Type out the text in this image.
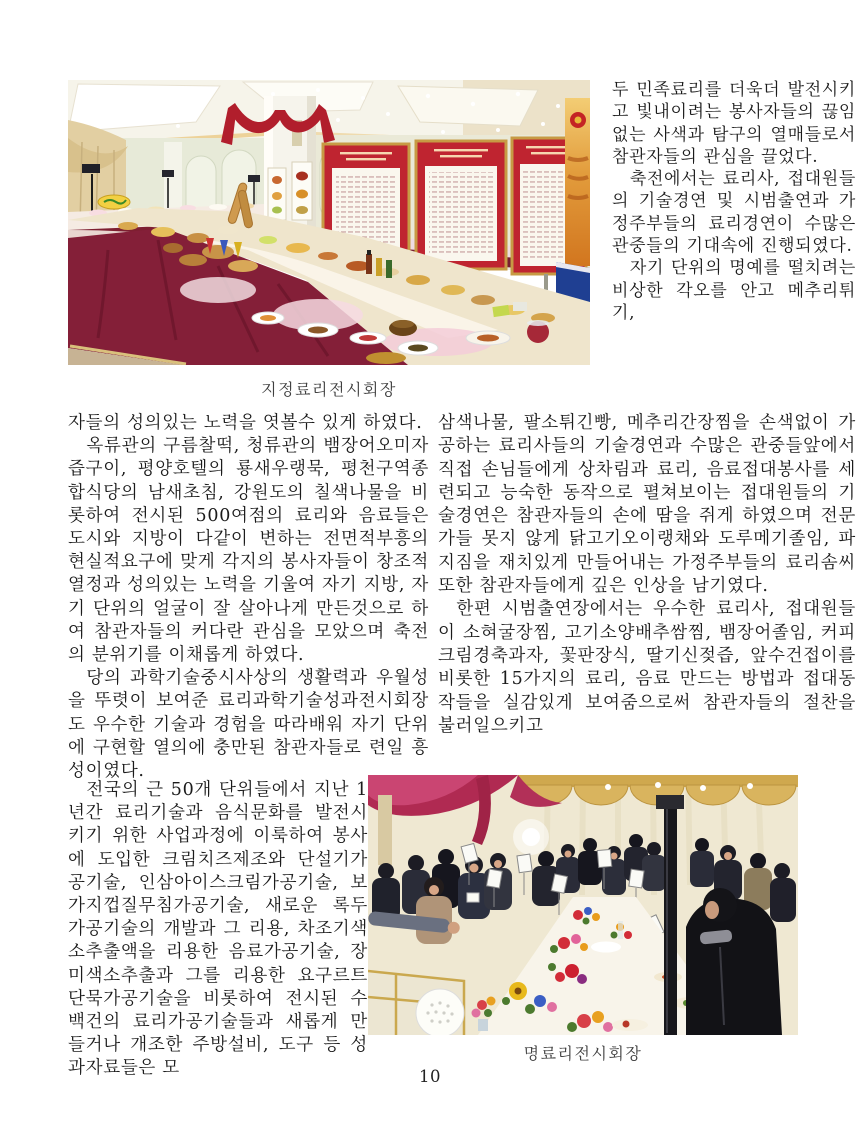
지정료리전시회장

두 민족료리를 더욱더 발전시키고 빛내이려는 봉사자들의 끊임없는 사색과 탐구의 열매들로서 참관자들의 관심을 끌었다.

축전에서는 료리사, 접대원들의 기술경연 및 시범출연과 가정주부들의 료리경연이 수많은 관중들의 기대속에 진행되였다.

자기 단위의 명예를 떨치려는 비상한 각오를 안고 메추리튀기,

자들의 성의있는 노력을 엿볼수 있게 하였다.

옥류관의 구름찰떡, 청류관의 뱀장어오미자즙구이, 평양호텔의 룡새우랭묵, 평천구역종합식당의 남새초침, 강원도의 칠색나물을 비롯하여 전시된 500여점의 료리와 음료들은 도시와 지방이 다같이 변하는 전면적부흥의 현실적요구에 맞게 각지의 봉사자들이 창조적열정과 성의있는 노력을 기울여 자기 지방, 자기 단위의 얼굴이 잘 살아나게 만든것으로 하여 참관자들의 커다란 관심을 모았으며 축전의 분위기를 이채롭게 하였다.

당의 과학기술중시사상의 생활력과 우월성을 뚜렷이 보여준 료리과학기술성과전시회장도 우수한 기술과 경험을 따라배워 자기 단위에 구현할 열의에 충만된 참관자들로 련일 흥성이였다.

전국의 근 50개 단위들에서 지난 1년간 료리기술과 음식문화를 발전시키기 위한 사업과정에 이룩하여 봉사에 도입한 크림치즈제조와 단설기가공기술, 인삼아이스크림가공기술, 보가지껍질무침가공기술, 새로운 록두가공기술의 개발과 그 리용, 차조기색소추출액을 리용한 음료가공기술, 장미색소추출과 그를 리용한 요구르트단묵가공기술을 비롯하여 전시된 수백건의 료리가공기술들과 새롭게 만들거나 개조한 주방설비, 도구 등 성과자료들은 모

삼색나물, 팔소튀긴빵, 메추리간장찜을 손색없이 가공하는 료리사들의 기술경연과 수많은 관중들앞에서 직접 손님들에게 상차림과 료리, 음료접대봉사를 세련되고 능숙한 동작으로 펼쳐보이는 접대원들의 기술경연은 참관자들의 손에 땀을 쥐게 하였으며 전문가들 못지 않게 닭고기오이랭채와 도루메기졸임, 파지짐을 재치있게 만들어내는 가정주부들의 료리솜씨 또한 참관자들에게 깊은 인상을 남기였다.

한편 시범출연장에서는 우수한 료리사, 접대원들이 소혀굴장찜, 고기소양배추쌈찜, 뱀장어졸임, 커피크림경축과자, 꽃판장식, 딸기신젖즙, 앞수건접이를 비롯한 15가지의 료리, 음료 만드는 방법과 접대동작들을 실감있게 보여줌으로써 참관자들의 절찬을 불러일으키고

명료리전시회장
10
